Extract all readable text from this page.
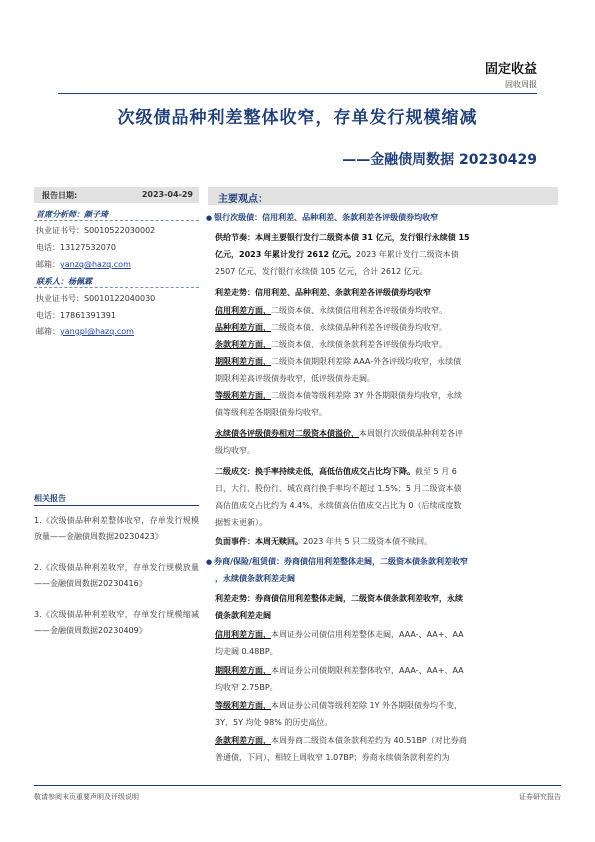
固定收益
固收周报
次级债品种利差整体收窄，存单发行规模缩减
——金融债周数据 20230429
报告日期:	2023-04-29
首席分析师：颜子琦
执业证书号：S0010522030002
电话：13127532070
邮箱：yanzq@hazq.com
联系人：杨佩霖
执业证书号：S0010122040030
电话：17861391391
邮箱：yangpl@hazq.com
相关报告
1.《次级债品种利差整体收窄，存单发行规模放量——金融债周数据20230423》
2.《次级债品种利差收窄，存单发行规模放量——金融债周数据20230416》
3.《次级债品种利差收窄，存单发行规模缩减——金融债周数据20230409》
主要观点：
● 银行次级债：信用利差、品种利差、条款利差各评级债券均收窄
供给节奏：本周主要银行发行二级资本债 31 亿元，发行银行永续债 15
亿元，2023 年累计发行 2612 亿元。2023 年累计发行二级资本债
2507 亿元，发行银行永续债 105 亿元，合计 2612 亿元。
利差走势：信用利差、品种利差、条款利差各评级债券均收窄
信用利差方面，二级资本债、永续债信用利差各评级债券均收窄。
品种利差方面，二级资本债、永续债品种利差各评级债券均收窄。
条款利差方面，二级资本债、永续债条款利差各评级债券均收窄。
期限利差方面，二级资本债期限利差除 AAA-外各评级均收窄，永续债
期限利差高评级债券收窄，低评级债券走阔。
等级利差方面，二级资本债等级利差除 3Y 外各期限债券均收窄，永续
债等级利差各期限债券均收窄。
永续债各评级债券相对二级资本债溢价，本周银行次级债品种利差各评
级均收窄。
二级成交：换手率持续走低，高低估值成交占比均下降。截至 5 月 6
日，大行、股份行、城农商行换手率均不超过 1.5%；5 月二级资本债
高估值成交占比约为 4.4%，永续债高估值成交占比为 0（后续成度数
据暂未更新）。
负面事件：本周无赎回。2023 年共 5 只二级资本债不赎回。
● 券商/保险/租赁债：券商债信用利差整体走阔，二级资本债条款利差收窄
，永续债条款利差走阔
利差走势：券商债信用利差整体走阔，二级资本债条款利差收窄，永续
债条款利差走阔
信用利差方面，本周证券公司债信用利差整体走阔，AAA-、AA+、AA
均走阔 0.48BP。
期限利差方面，本周证券公司债期限利差整体收窄，AAA-、AA+、AA
均收窄 2.75BP。
等级利差方面，本周证券公司债等级利差除 1Y 外各期限债券均不变，
3Y、5Y 均处 98% 的历史高位。
条款利差方面，本周券商二级资本债条款利差约为 40.51BP（对比券商
普通债，下同），相较上周收窄 1.07BP；券商永续债条款利差约为
敬请参阅末页重要声明及评级说明	证券研究报告
